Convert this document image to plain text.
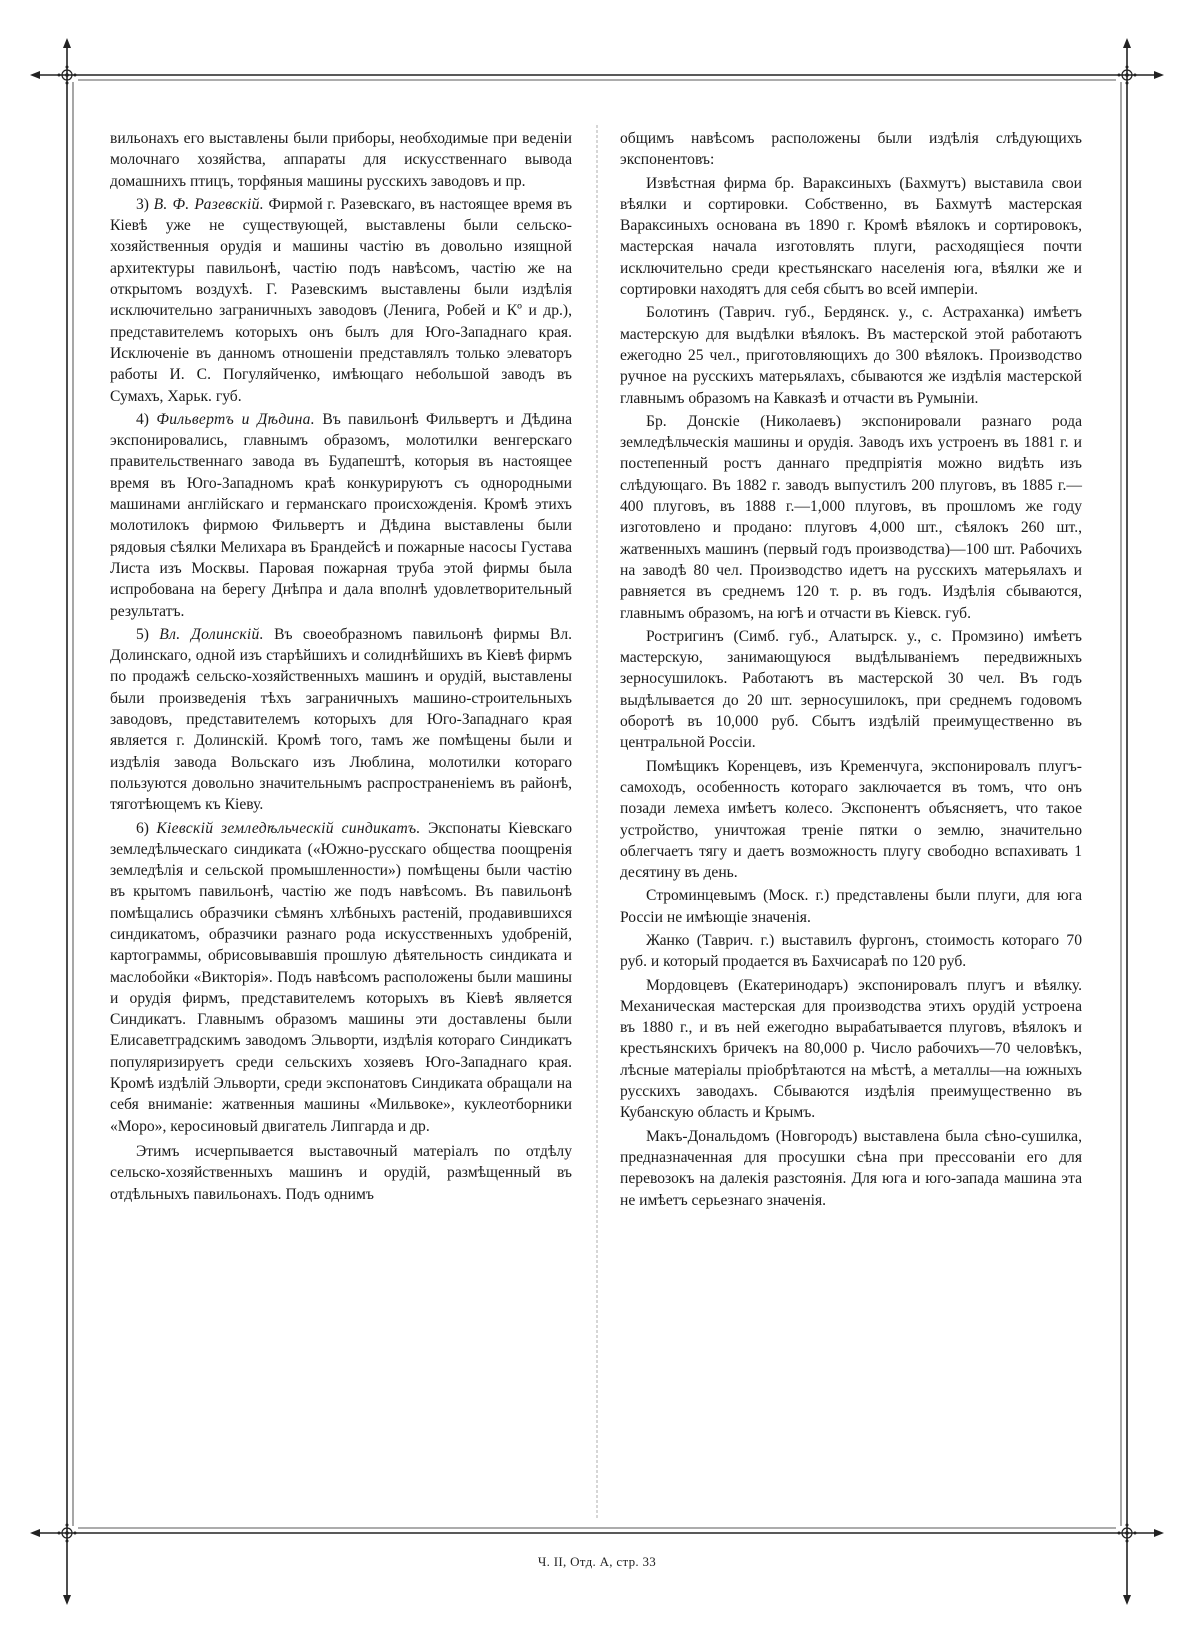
вильонахъ его выставлены были приборы, необходимые при веденіи молочнаго хозяйства, аппараты для искусственнаго вывода домашнихъ птицъ, торфяныя машины русскихъ заводовъ и пр.

3) В. Ф. Разевскій. Фирмой г. Разевскаго, въ настоящее время въ Кіевѣ уже не существующей, выставлены были сельско-хозяйственныя орудія и машины частію въ довольно изящной архитектуры павильонѣ, частію подъ навѣсомъ, частію же на открытомъ воздухѣ. Г. Разевскимъ выставлены были издѣлія исключительно заграничныхъ заводовъ (Ленига, Робей и Кº и др.), представителемъ которыхъ онъ былъ для Юго-Западнаго края. Исключеніе въ данномъ отношеніи представлялъ только элеваторъ работы И. С. Погуляйченко, имѣющаго небольшой заводъ въ Сумахъ, Харьк. губ.

4) Фильвертъ и Дѣдина. Въ павильонѣ Фильвертъ и Дѣдина экспонировались, главнымъ образомъ, молотилки венгерскаго правительственнаго завода въ Будапештѣ, которыя въ настоящее время въ Юго-Западномъ краѣ конкурируютъ съ однородными машинами англійскаго и германскаго происхожденія. Кромѣ этихъ молотилокъ фирмою Фильвертъ и Дѣдина выставлены были рядовыя сѣялки Мелихара въ Брандейсѣ и пожарные насосы Густава Листа изъ Москвы. Паровая пожарная труба этой фирмы была испробована на берегу Днѣпра и дала вполнѣ удовлетворительный результатъ.

5) Вл. Долинскій. Въ своеобразномъ павильонѣ фирмы Вл. Долинскаго, одной изъ старѣйшихъ и солиднѣйшихъ въ Кіевѣ фирмъ по продажѣ сельско-хозяйственныхъ машинъ и орудій, выставлены были произведенія тѣхъ заграничныхъ машино-строительныхъ заводовъ, представителемъ которыхъ для Юго-Западнаго края является г. Долинскій. Кромѣ того, тамъ же помѣщены были и издѣлія завода Вольскаго изъ Люблина, молотилки котораго пользуются довольно значительнымъ распространеніемъ въ районѣ, тяготѣющемъ къ Кіеву.

6) Кіевскій земледѣльческій синдикатъ. Экспонаты Кіевскаго земледѣльческаго синдиката («Южно-русскаго общества поощренія земледѣлія и сельской промышленности») помѣщены были частію въ крытомъ павильонѣ, частію же подъ навѣсомъ. Въ павильонѣ помѣщались образчики сѣмянъ хлѣбныхъ растеній, продавившихся синдикатомъ, образчики разнаго рода искусственныхъ удобреній, картограммы, обрисовывавшія прошлую дѣятельность синдиката и маслобойки «Викторія». Подъ навѣсомъ расположены были машины и орудія фирмъ, представителемъ которыхъ въ Кіевѣ является Синдикатъ. Главнымъ образомъ машины эти доставлены были Елисаветградскимъ заводомъ Эльворти, издѣлія котораго Синдикатъ популяризируетъ среди сельскихъ хозяевъ Юго-Западнаго края. Кромѣ издѣлій Эльворти, среди экспонатовъ Синдиката обращали на себя вниманіе: жатвенныя машины «Мильвоке», куклеотборники «Моро», керосиновый двигатель Липгарда и др.

Этимъ исчерпывается выставочный матеріалъ по отдѣлу сельско-хозяйственныхъ машинъ и орудій, размѣщенный въ отдѣльныхъ павильонахъ. Подъ однимъ

общимъ навѣсомъ расположены были издѣлія слѣдующихъ экспонентовъ:

Извѣстная фирма бр. Вараксиныхъ (Бахмутъ) выставила свои вѣялки и сортировки. Собственно, въ Бахмутѣ мастерская Вараксиныхъ основана въ 1890 г. Кромѣ вѣялокъ и сортировокъ, мастерская начала изготовлять плуги, расходящіеся почти исключительно среди крестьянскаго населенія юга, вѣялки же и сортировки находятъ для себя сбытъ во всей имперіи.

Болотинъ (Таврич. губ., Бердянск. у., с. Астраханка) имѣетъ мастерскую для выдѣлки вѣялокъ. Въ мастерской этой работаютъ ежегодно 25 чел., приготовляющихъ до 300 вѣялокъ. Производство ручное на русскихъ матерьялахъ, сбываются же издѣлія мастерской главнымъ образомъ на Кавказѣ и отчасти въ Румыніи.

Бр. Донскіе (Николаевъ) экспонировали разнаго рода земледѣльческія машины и орудія. Заводъ ихъ устроенъ въ 1881 г. и постепенный ростъ даннаго предпріятія можно видѣть изъ слѣдующаго. Въ 1882 г. заводъ выпустилъ 200 плуговъ, въ 1885 г.—400 плуговъ, въ 1888 г.—1,000 плуговъ, въ прошломъ же году изготовлено и продано: плуговъ 4,000 шт., сѣялокъ 260 шт., жатвенныхъ машинъ (первый годъ производства)—100 шт. Рабочихъ на заводѣ 80 чел. Производство идетъ на русскихъ матерьялахъ и равняется въ среднемъ 120 т. р. въ годъ. Издѣлія сбываются, главнымъ образомъ, на югѣ и отчасти въ Кіевск. губ.

Ростригинъ (Симб. губ., Алатырск. у., с. Промзино) имѣетъ мастерскую, занимающуюся выдѣлыванiемъ передвижныхъ зерносушилокъ. Работаютъ въ мастерской 30 чел. Въ годъ выдѣлывается до 20 шт. зерносушилокъ, при среднемъ годовомъ оборотѣ въ 10,000 руб. Сбытъ издѣлій преимущественно въ центральной Россіи.

Помѣщикъ Коренцевъ, изъ Кременчуга, экспонировалъ плугъ-самоходъ, особенность котораго заключается въ томъ, что онъ позади лемеха имѣетъ колесо. Экспонентъ объясняетъ, что такое устройство, уничтожая треніе пятки о землю, значительно облегчаетъ тягу и даетъ возможность плугу свободно вспахивать 1 десятину въ день.

Строминцевымъ (Моск. г.) представлены были плуги, для юга Россіи не имѣющіе значенія.

Жанко (Таврич. г.) выставилъ фургонъ, стоимость котораго 70 руб. и который продается въ Бахчисараѣ по 120 руб.

Мордовцевъ (Екатеринодаръ) экспонировалъ плугъ и вѣялку. Механическая мастерская для производства этихъ орудій устроена въ 1880 г., и въ ней ежегодно вырабатывается плуговъ, вѣялокъ и крестьянскихъ бричекъ на 80,000 р. Число рабочихъ—70 человѣкъ, лѣсные матеріалы пріобрѣтаются на мѣстѣ, а металлы—на южныхъ русскихъ заводахъ. Сбываются издѣлія преимущественно въ Кубанскую область и Крымъ.

Макъ-Дональдомъ (Новгородъ) выставлена была сѣно-сушилка, предназначенная для просушки сѣна при прессованіи его для перевозокъ на далекія разстоянія. Для юга и юго-запада машина эта не имѣетъ серьезнаго значенія.

Ч. II, Отд. А, стр. 33
